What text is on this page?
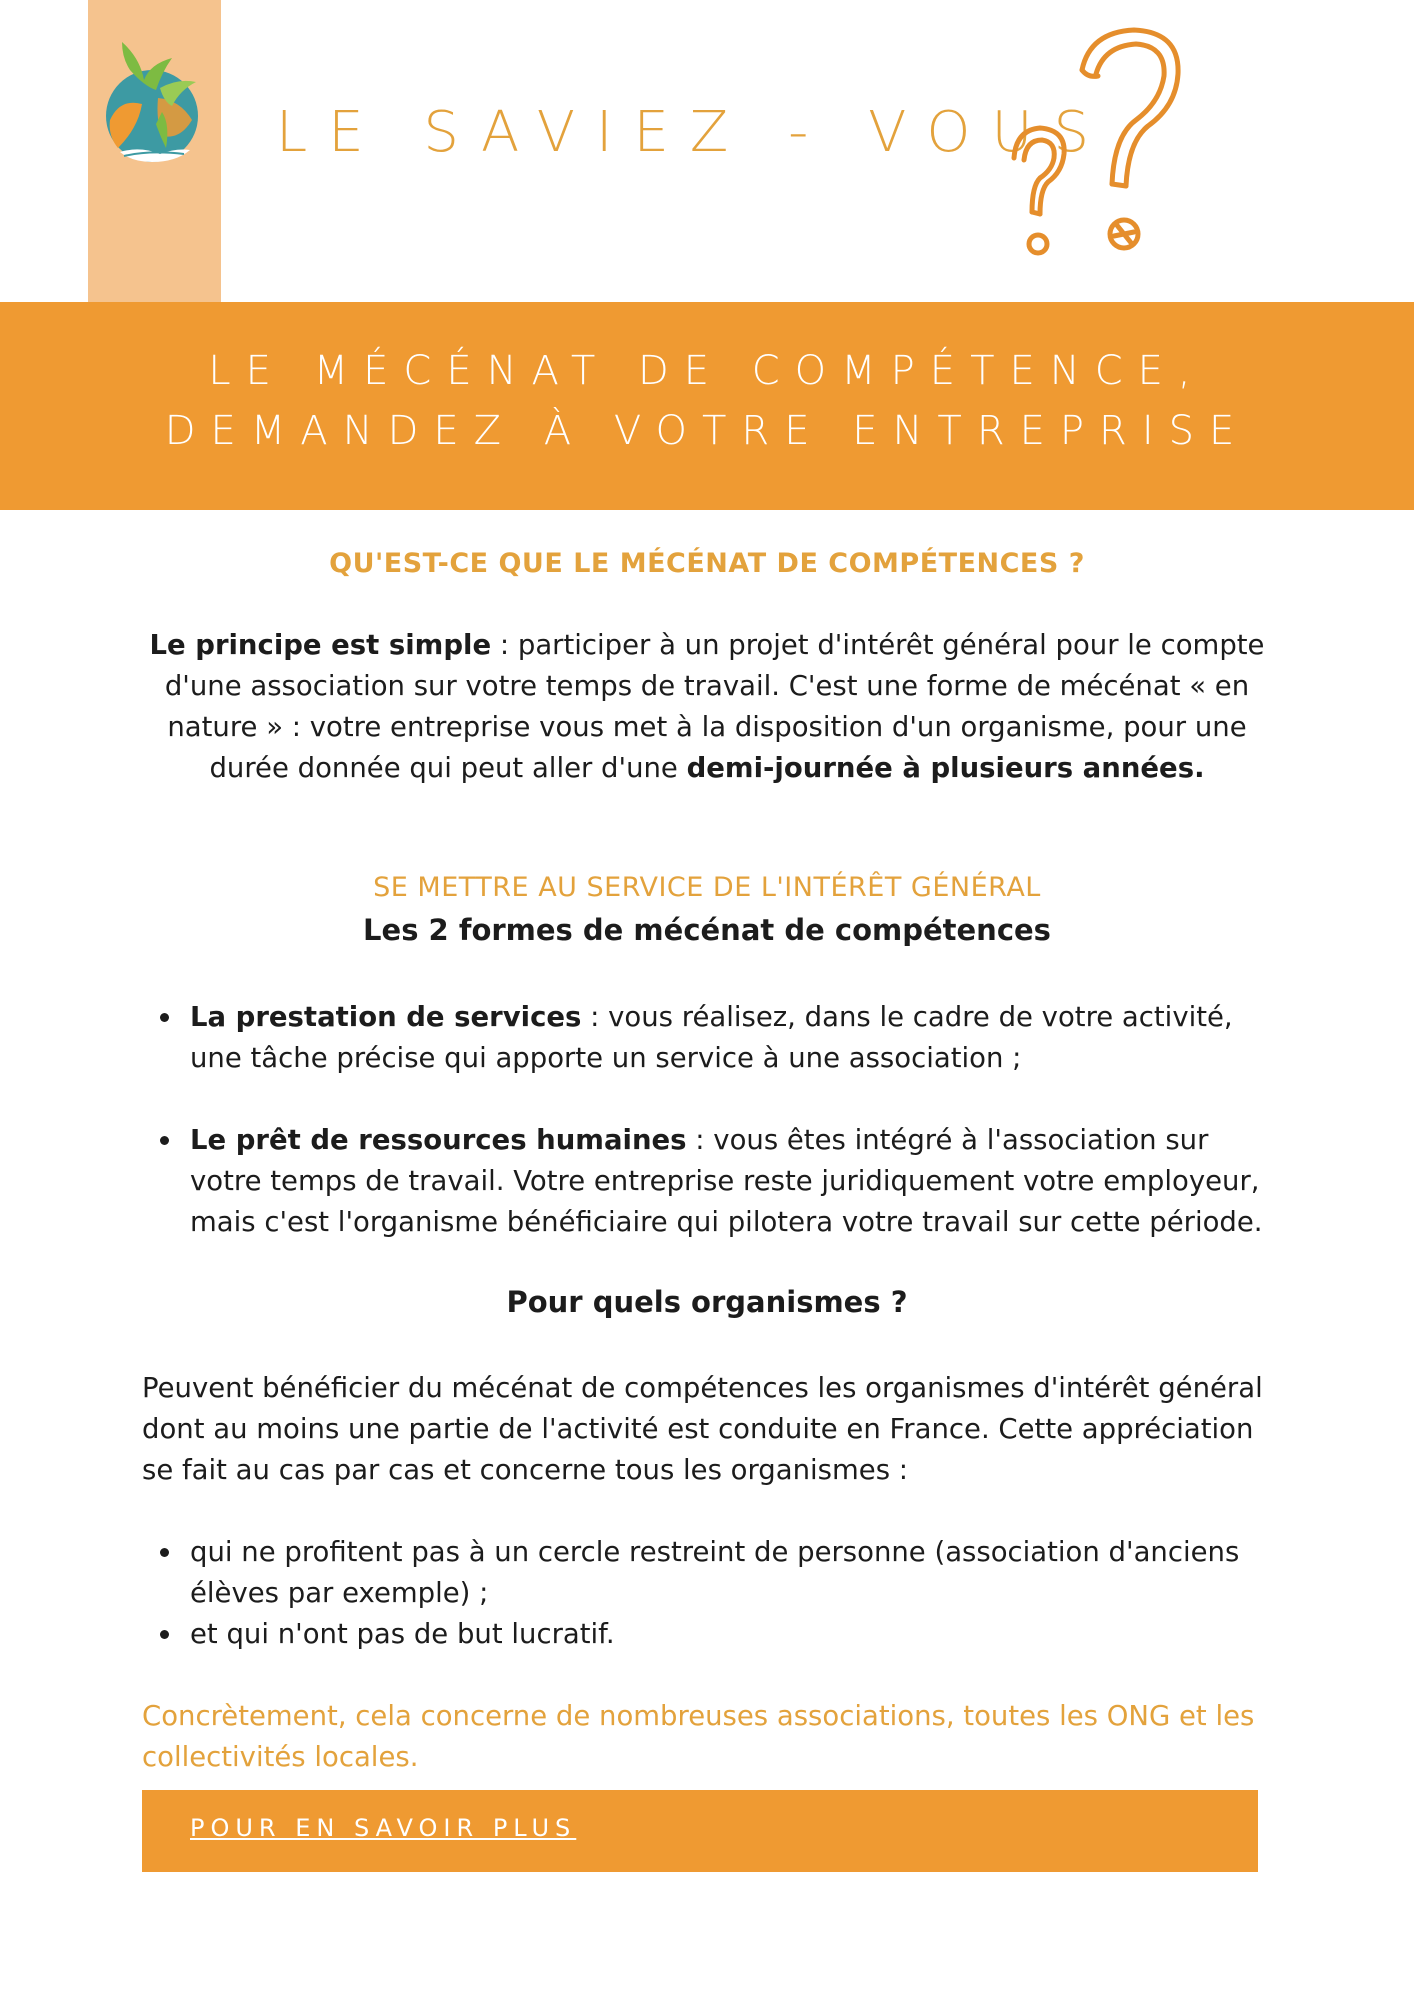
LE SAVIEZ - VOUS
LE MÉCÉNAT DE COMPÉTENCE,
DEMANDEZ À VOTRE ENTREPRISE
QU'EST-CE QUE LE MÉCÉNAT DE COMPÉTENCES ?
Le principe est simple : participer à un projet d'intérêt général pour le compte d'une association sur votre temps de travail. C'est une forme de mécénat « en nature » : votre entreprise vous met à la disposition d'un organisme, pour une durée donnée qui peut aller d'une demi-journée à plusieurs années.
SE METTRE AU SERVICE DE L'INTÉRÊT GÉNÉRAL
Les 2 formes de mécénat de compétences
La prestation de services : vous réalisez, dans le cadre de votre activité, une tâche précise qui apporte un service à une association ;
Le prêt de ressources humaines : vous êtes intégré à l'association sur votre temps de travail. Votre entreprise reste juridiquement votre employeur, mais c'est l'organisme bénéficiaire qui pilotera votre travail sur cette période.
Pour quels organismes ?
Peuvent bénéficier du mécénat de compétences les organismes d'intérêt général dont au moins une partie de l'activité est conduite en France. Cette appréciation se fait au cas par cas et concerne tous les organismes :
qui ne profitent pas à un cercle restreint de personne (association d'anciens élèves par exemple) ;
et qui n'ont pas de but lucratif.
Concrètement, cela concerne de nombreuses associations, toutes les ONG et les collectivités locales.
POUR EN SAVOIR PLUS
